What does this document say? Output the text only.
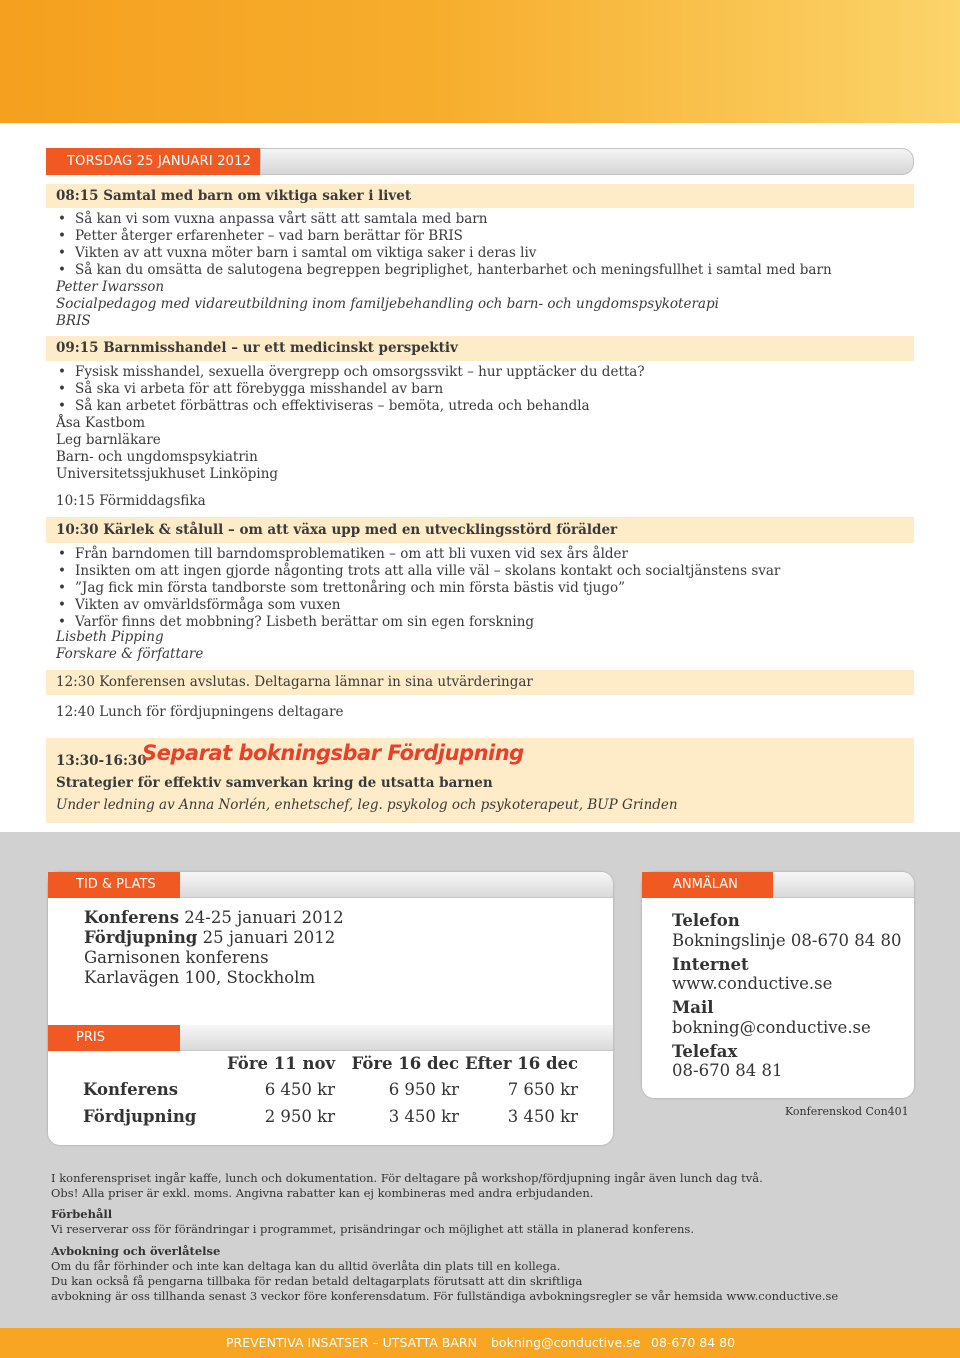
TORSDAG 25 JANUARI 2012
08:15 Samtal med barn om viktiga saker i livet
• Så kan vi som vuxna anpassa vårt sätt att samtala med barn
• Petter återger erfarenheter – vad barn berättar för BRIS
• Vikten av att vuxna möter barn i samtal om viktiga saker i deras liv
• Så kan du omsätta de salutogena begreppen begriplighet, hanterbarhet och meningsfullhet i samtal med barn
Petter Iwarsson
Socialpedagog med vidareutbildning inom familjebehandling och barn- och ungdomspsykoterapi
BRIS
09:15 Barnmisshandel – ur ett medicinskt perspektiv
• Fysisk misshandel, sexuella övergrepp och omsorgssvikt – hur upptäcker du detta?
• Så ska vi arbeta för att förebygga misshandel av barn
• Så kan arbetet förbättras och effektiviseras – bemöta, utreda och behandla
Åsa Kastbom
Leg barnläkare
Barn- och ungdomspsykiatrin
Universitetssjukhuset Linköping
10:15 Förmiddagsfika
10:30 Kärlek & stålull – om att växa upp med en utvecklingsstörd förälder
• Från barndomen till barndomsproblematiken – om att bli vuxen vid sex års ålder
• Insikten om att ingen gjorde någonting trots att alla ville väl – skolans kontakt och socialtjänstens svar
• ”Jag fick min första tandborste som trettonåring och min första bästis vid tjugo”
• Vikten av omvärldsförmåga som vuxen
• Varför finns det mobbning? Lisbeth berättar om sin egen forskning
Lisbeth Pipping
Forskare & författare
12:30 Konferensen avslutas. Deltagarna lämnar in sina utvärderingar
12:40 Lunch för fördjupningens deltagare
13:30-16:30
Separat bokningsbar Fördjupning
Strategier för effektiv samverkan kring de utsatta barnen
Under ledning av Anna Norlén, enhetschef, leg. psykolog och psykoterapeut, BUP Grinden
TID & PLATS
Konferens 24-25 januari 2012
Fördjupning 25 januari 2012
Garnisonen konferens
Karlavägen 100, Stockholm
PRIS
	Före 11 nov	Före 16 dec	Efter 16 dec
Konferens	6 450 kr	6 950 kr	7 650 kr
Fördjupning	2 950 kr	3 450 kr	3 450 kr
ANMÄLAN
Telefon
Bokningslinje 08-670 84 80
Internet
www.conductive.se
Mail
bokning@conductive.se
Telefax
08-670 84 81
Konferenskod Con401
I konferenspriset ingår kaffe, lunch och dokumentation. För deltagare på workshop/fördjupning ingår även lunch dag två.
Obs! Alla priser är exkl. moms. Angivna rabatter kan ej kombineras med andra erbjudanden.
Förbehåll
Vi reserverar oss för förändringar i programmet, prisändringar och möjlighet att ställa in planerad konferens.
Avbokning och överlåtelse
Om du får förhinder och inte kan deltaga kan du alltid överlåta din plats till en kollega.
Du kan också få pengarna tillbaka för redan betald deltagarplats förutsatt att din skriftliga
avbokning är oss tillhanda senast 3 veckor före konferensdatum. För fullständiga avbokningsregler se vår hemsida www.conductive.se
PREVENTIVA INSATSER – UTSATTA BARN bokning@conductive.se 08-670 84 80
